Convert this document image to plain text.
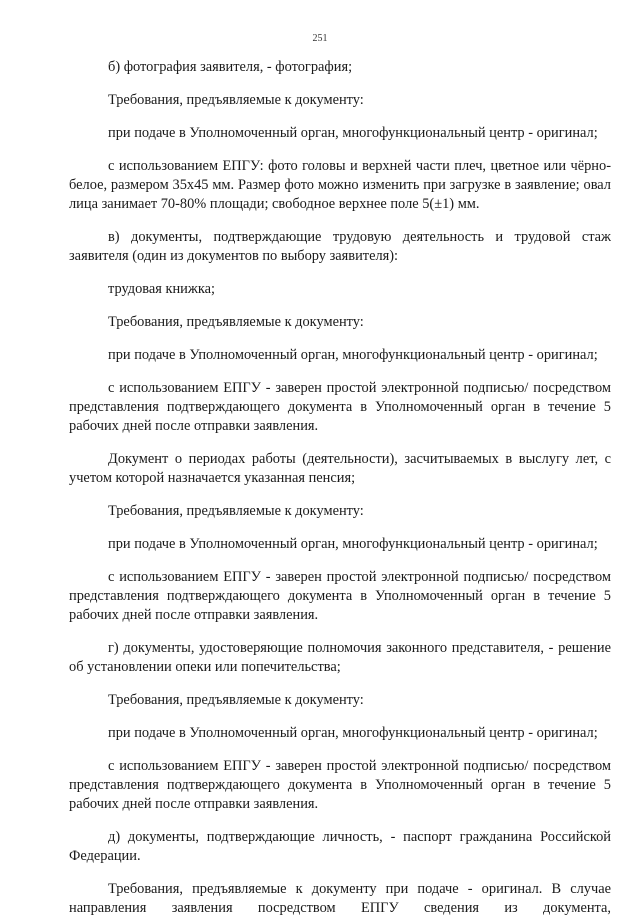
251

б) фотография заявителя, - фотография;

Требования, предъявляемые к документу:

при подаче в Уполномоченный орган, многофункциональный центр - оригинал;

с использованием ЕПГУ: фото головы и верхней части плеч, цветное или чёрно-белое, размером 35х45 мм. Размер фото можно изменить при загрузке в заявление; овал лица занимает 70-80% площади; свободное верхнее поле 5(±1) мм.

в) документы, подтверждающие трудовую деятельность и трудовой стаж заявителя (один из документов по выбору заявителя):

трудовая книжка;

Требования, предъявляемые к документу:

при подаче в Уполномоченный орган, многофункциональный центр - оригинал;

с использованием ЕПГУ - заверен простой электронной подписью/ посредством представления подтверждающего документа в Уполномоченный орган в течение 5 рабочих дней после отправки заявления.

Документ о периодах работы (деятельности), засчитываемых в выслугу лет, с учетом которой назначается указанная пенсия;

Требования, предъявляемые к документу:

при подаче в Уполномоченный орган, многофункциональный центр - оригинал;

с использованием ЕПГУ - заверен простой электронной подписью/ посредством представления подтверждающего документа в Уполномоченный орган в течение 5 рабочих дней после отправки заявления.

г) документы, удостоверяющие полномочия законного представителя, - решение об установлении опеки или попечительства;

Требования, предъявляемые к документу:

при подаче в Уполномоченный орган, многофункциональный центр - оригинал;

с использованием ЕПГУ - заверен простой электронной подписью/ посредством представления подтверждающего документа в Уполномоченный орган в течение 5 рабочих дней после отправки заявления.

д) документы, подтверждающие личность, - паспорт гражданина Российской Федерации.

Требования, предъявляемые к документу при подаче - оригинал. В случае направления заявления посредством ЕПГУ сведения из документа,
